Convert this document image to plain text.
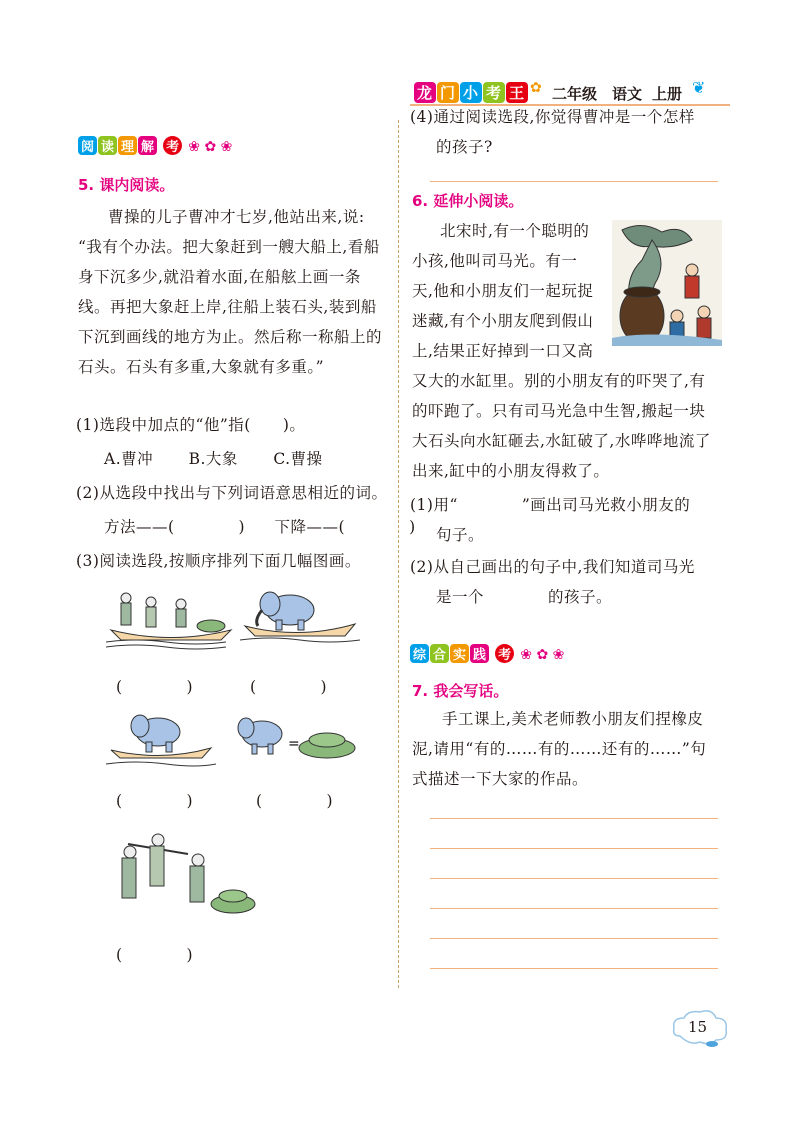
龙 门 小 考 王 ✿ 二年级 语文 上册 ❦
阅 读 理 解 考 ❀ ✿ ❀
5. 课内阅读。
曹操的儿子曹冲才七岁,他站出来,说:
“我有个办法。把大象赶到一艘大船上,看船
身下沉多少,就沿着水面,在船舷上画一条
线。再把大象赶上岸,往船上装石头,装到船
下沉到画线的地方为止。然后称一称船上的
石头。石头有多重,大象就有多重。”
(1)选段中加点的“他”指(　　)。
A.曹冲 B.大象 C.曹操
(2)从选段中找出与下列词语意思相近的词。
方法——(　　　　) 下降——(　　　　)
(3)阅读选段,按顺序排列下面几幅图画。
(　　　　)	(　　　　)
(　　　　)
=
(　　　　)
(　　　　)
(4)通过阅读选段,你觉得曹冲是一个怎样
的孩子?
6. 延伸小阅读。
北宋时,有一个聪明的
小孩,他叫司马光。有一
天,他和小朋友们一起玩捉
迷藏,有个小朋友爬到假山
上,结果正好掉到一口又高
又大的水缸里。别的小朋友有的吓哭了,有
的吓跑了。只有司马光急中生智,搬起一块
大石头向水缸砸去,水缸破了,水哗哗地流了
出来,缸中的小朋友得救了。
(1)用“　　　　”画出司马光救小朋友的
句子。
(2)从自己画出的句子中,我们知道司马光
是一个　　　　的孩子。
综 合 实 践 考 ❀ ✿ ❀
7. 我会写话。
手工课上,美术老师教小朋友们捏橡皮
泥,请用“有的……有的……还有的……”句
式描述一下大家的作品。
15
